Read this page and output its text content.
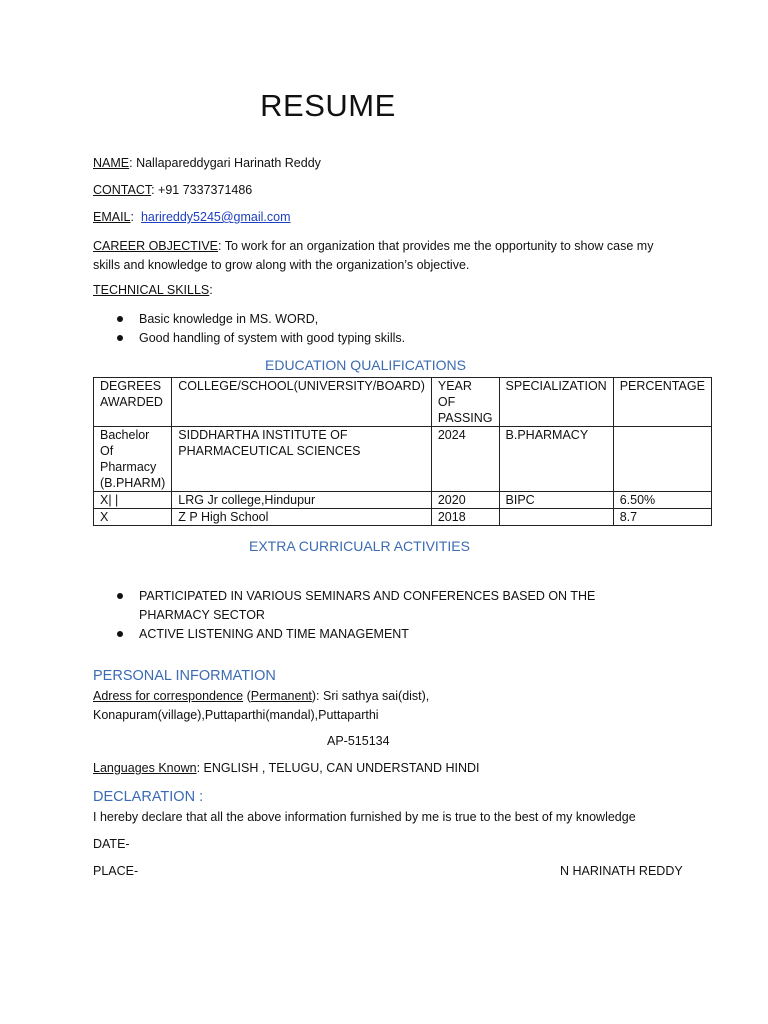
RESUME
NAME: Nallapareddygari Harinath Reddy
CONTACT: +91 7337371486
EMAIL:  harireddy5245@gmail.com
CAREER OBJECTIVE: To work for an organization that provides me the opportunity to show case my skills and knowledge to grow along with the organization’s objective.
TECHNICAL SKILLS:
Basic knowledge in MS. WORD,
Good handling of system with good typing skills.
EDUCATION QUALIFICATIONS
DEGREES AWARDED	COLLEGE/SCHOOL(UNIVERSITY/BOARD)	YEAR OF PASSING	SPECIALIZATION	PERCENTAGE
Bachelor Of Pharmacy (B.PHARM)	SIDDHARTHA INSTITUTE OF PHARMACEUTICAL SCIENCES	2024	B.PHARMACY	
X| |	LRG Jr college,Hindupur	2020	BIPC	6.50%
X	Z P High School	2018		8.7
EXTRA CURRICUALR ACTIVITIES
PARTICIPATED IN VARIOUS SEMINARS AND CONFERENCES BASED ON THE PHARMACY SECTOR
ACTIVE LISTENING AND TIME MANAGEMENT
PERSONAL INFORMATION
Adress for correspondence (Permanent): Sri sathya sai(dist),
Konapuram(village),Puttaparthi(mandal),Puttaparthi
AP-515134
Languages Known: ENGLISH , TELUGU, CAN UNDERSTAND HINDI
DECLARATION :
I hereby declare that all the above information furnished by me is true to the best of my knowledge
DATE-
PLACE-	N HARINATH REDDY
